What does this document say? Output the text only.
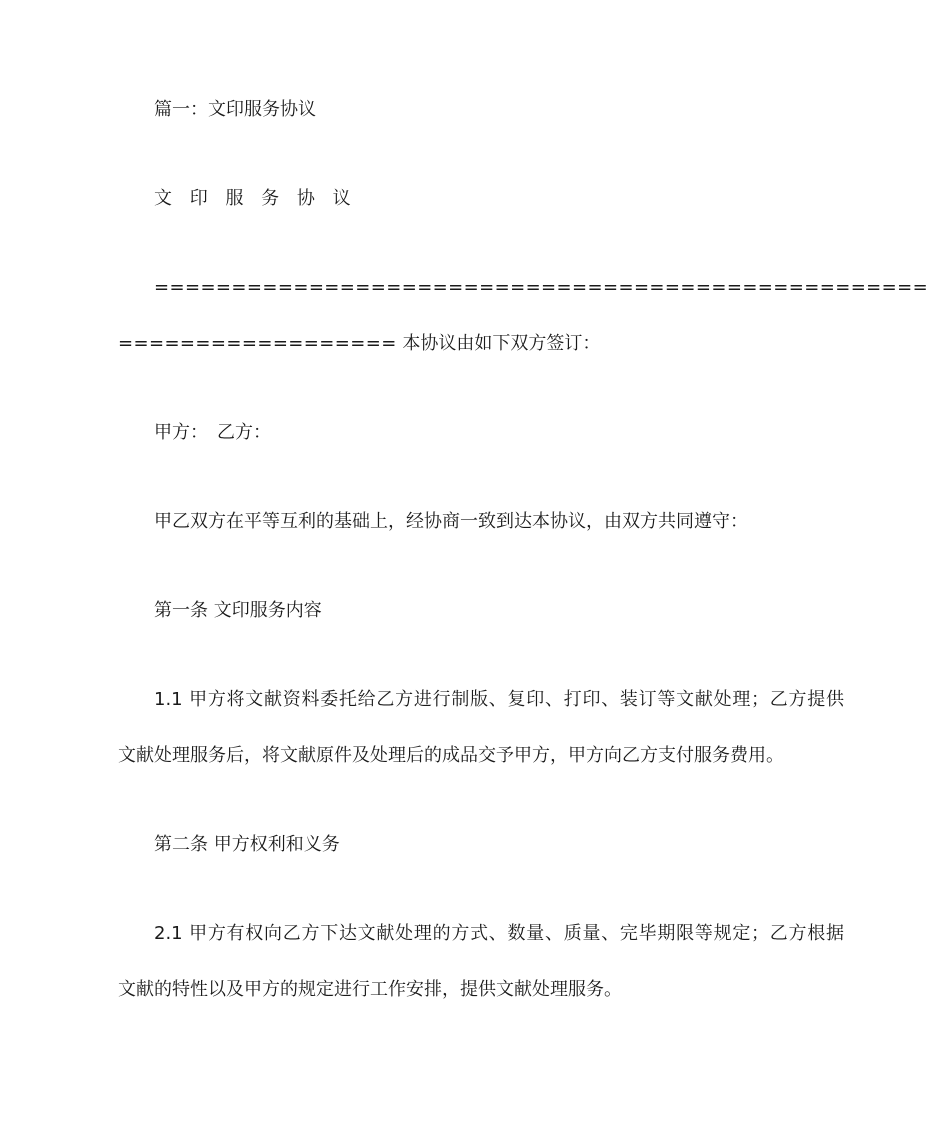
篇一：文印服务协议
文 印 服 务 协 议
==================================================
================== 本协议由如下双方签订：
甲方：　乙方：
甲乙双方在平等互利的基础上，经协商一致到达本协议，由双方共同遵守：
第一条 文印服务内容
1.1 甲方将文献资料委托给乙方进行制版、复印、打印、装订等文献处理；乙方提供
文献处理服务后，将文献原件及处理后的成品交予甲方，甲方向乙方支付服务费用。
第二条 甲方权利和义务
2.1 甲方有权向乙方下达文献处理的方式、数量、质量、完毕期限等规定；乙方根据
文献的特性以及甲方的规定进行工作安排，提供文献处理服务。
